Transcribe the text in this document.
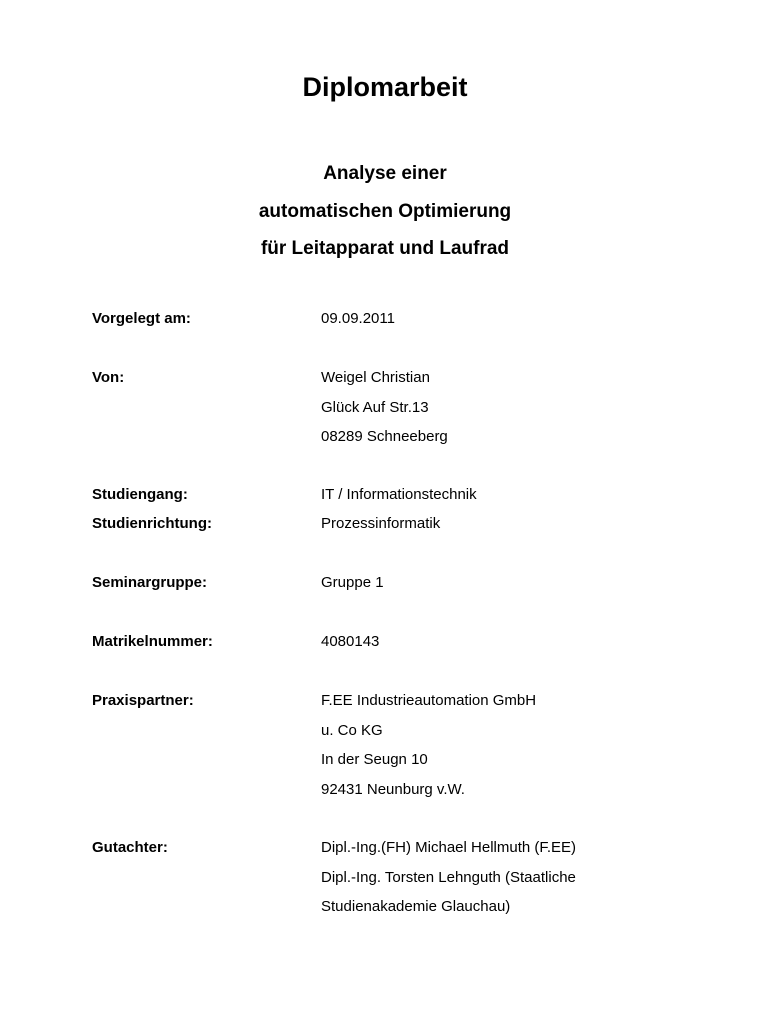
Diplomarbeit
Analyse einer
automatischen Optimierung
für Leitapparat und Laufrad
Vorgelegt am:	09.09.2011
Von:	Weigel Christian
Glück Auf Str.13
08289 Schneeberg
Studiengang:	IT / Informationstechnik
Studienrichtung:	Prozessinformatik
Seminargruppe:	Gruppe 1
Matrikelnummer:	4080143
Praxispartner:	F.EE Industrieautomation GmbH
u. Co KG
In der Seugn 10
92431 Neunburg v.W.
Gutachter:	Dipl.-Ing.(FH) Michael Hellmuth (F.EE)
Dipl.-Ing. Torsten Lehnguth (Staatliche
Studienakademie Glauchau)
